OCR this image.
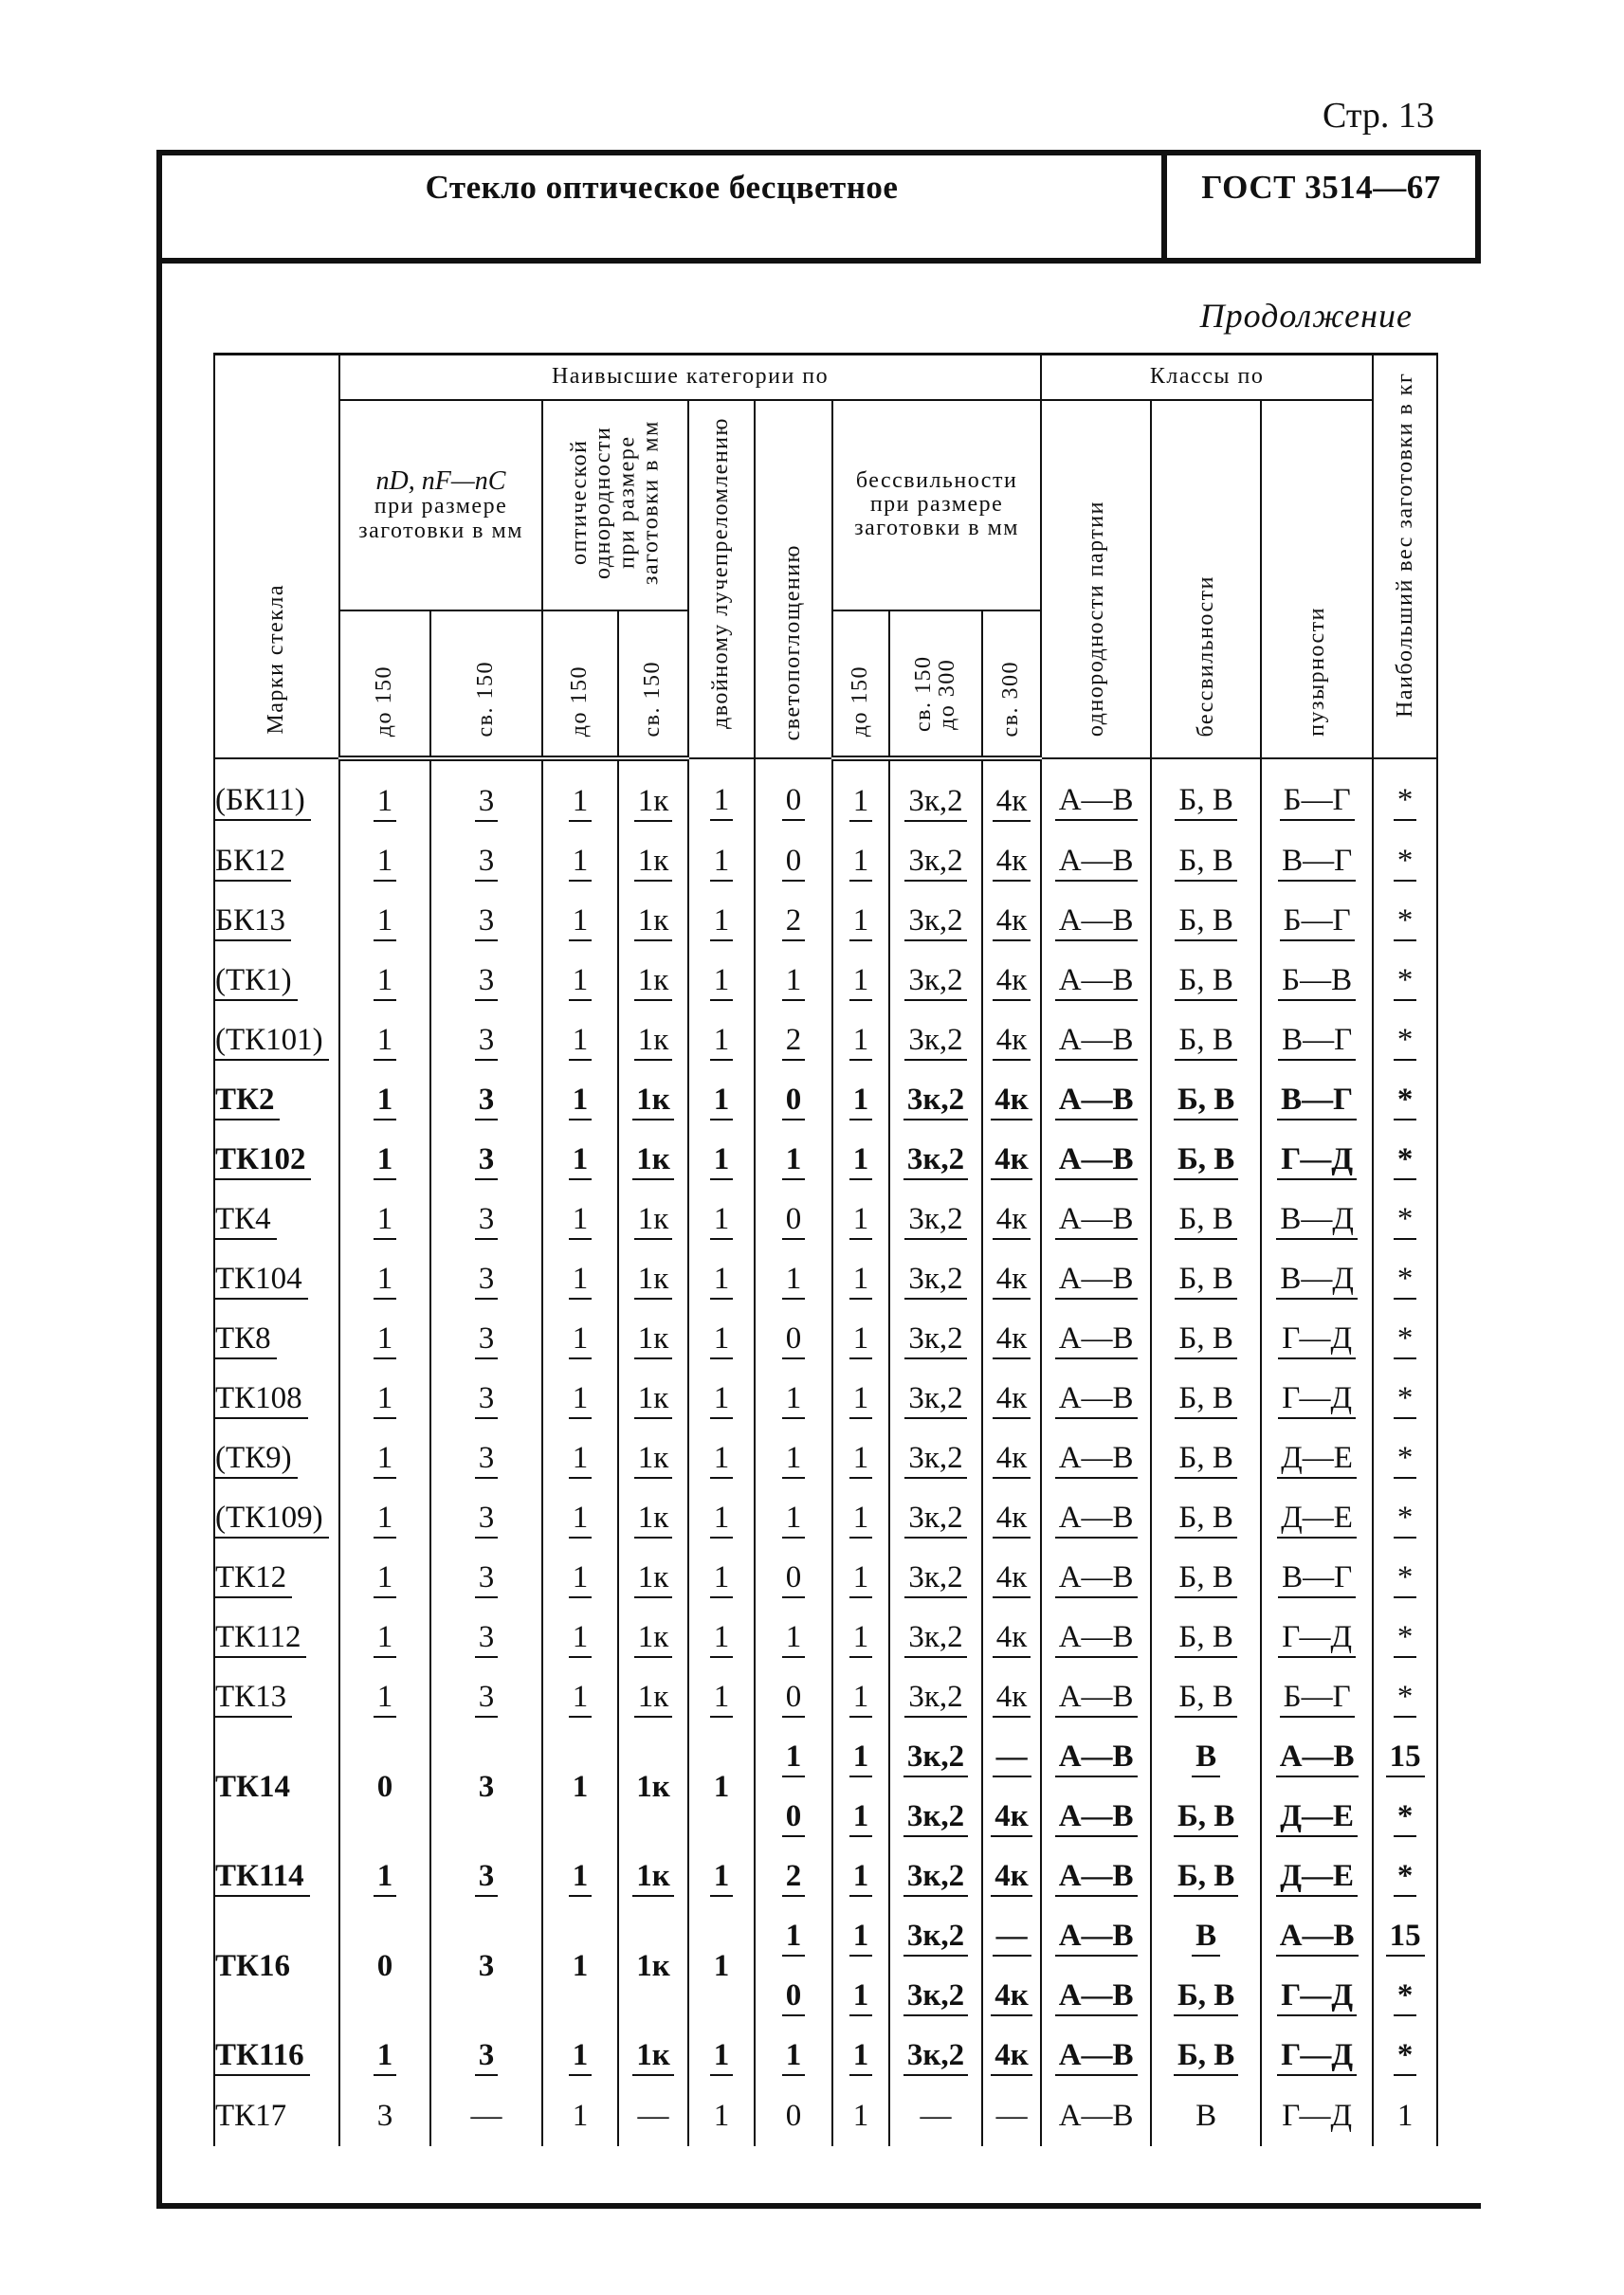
Стр. 13
Стекло оптическое бесцветное	ГОСТ 3514—67
Продолжение
Марки стекла	Наивысшие категории по									Классы по			Наибольший вес заготовки в кг

	nD, nF—nC
при размере заготовки в мм		оптической однородности при размере заготовки в мм		двойному лучепреломлению	светопоглощению	бессвильности при размере заготовки в мм			однородности партии	бессвильности	пузырности	
	до 150	св. 150	до 150	св. 150			до 150	св. 150 до 300	св. 300				
(БК11)	1	3	1	1к	1	0	1	3к,2	4к	А—В	Б, В	Б—Г	*
БК12	1	3	1	1к	1	0	1	3к,2	4к	А—В	Б, В	В—Г	*
БК13	1	3	1	1к	1	2	1	3к,2	4к	А—В	Б, В	Б—Г	*
(ТК1)	1	3	1	1к	1	1	1	3к,2	4к	А—В	Б, В	Б—В	*
(ТК101)	1	3	1	1к	1	2	1	3к,2	4к	А—В	Б, В	В—Г	*
ТК2	1	3	1	1к	1	0	1	3к,2	4к	А—В	Б, В	В—Г	*
ТК102	1	3	1	1к	1	1	1	3к,2	4к	А—В	Б, В	Г—Д	*
ТК4	1	3	1	1к	1	0	1	3к,2	4к	А—В	Б, В	В—Д	*
ТК104	1	3	1	1к	1	1	1	3к,2	4к	А—В	Б, В	В—Д	*
ТК8	1	3	1	1к	1	0	1	3к,2	4к	А—В	Б, В	Г—Д	*
ТК108	1	3	1	1к	1	1	1	3к,2	4к	А—В	Б, В	Г—Д	*
(ТК9)	1	3	1	1к	1	1	1	3к,2	4к	А—В	Б, В	Д—Е	*
(ТК109)	1	3	1	1к	1	1	1	3к,2	4к	А—В	Б, В	Д—Е	*
ТК12	1	3	1	1к	1	0	1	3к,2	4к	А—В	Б, В	В—Г	*
ТК112	1	3	1	1к	1	1	1	3к,2	4к	А—В	Б, В	Г—Д	*
ТК13	1	3	1	1к	1	0	1	3к,2	4к	А—В	Б, В	Б—Г	*
ТК14	0	3	1	1к	1	1	1	3к,2	—	А—В	В	А—В	15
						0	1	3к,2	4к	А—В	Б, В	Д—Е	*
ТК114	1	3	1	1к	1	2	1	3к,2	4к	А—В	Б, В	Д—Е	*
ТК16	0	3	1	1к	1	1	1	3к,2	—	А—В	В	А—В	15
						0	1	3к,2	4к	А—В	Б, В	Г—Д	*
ТК116	1	3	1	1к	1	1	1	3к,2	4к	А—В	Б, В	Г—Д	*
ТК17	3	—	1	—	1	0	1	—	—	А—В	В	Г—Д	1
